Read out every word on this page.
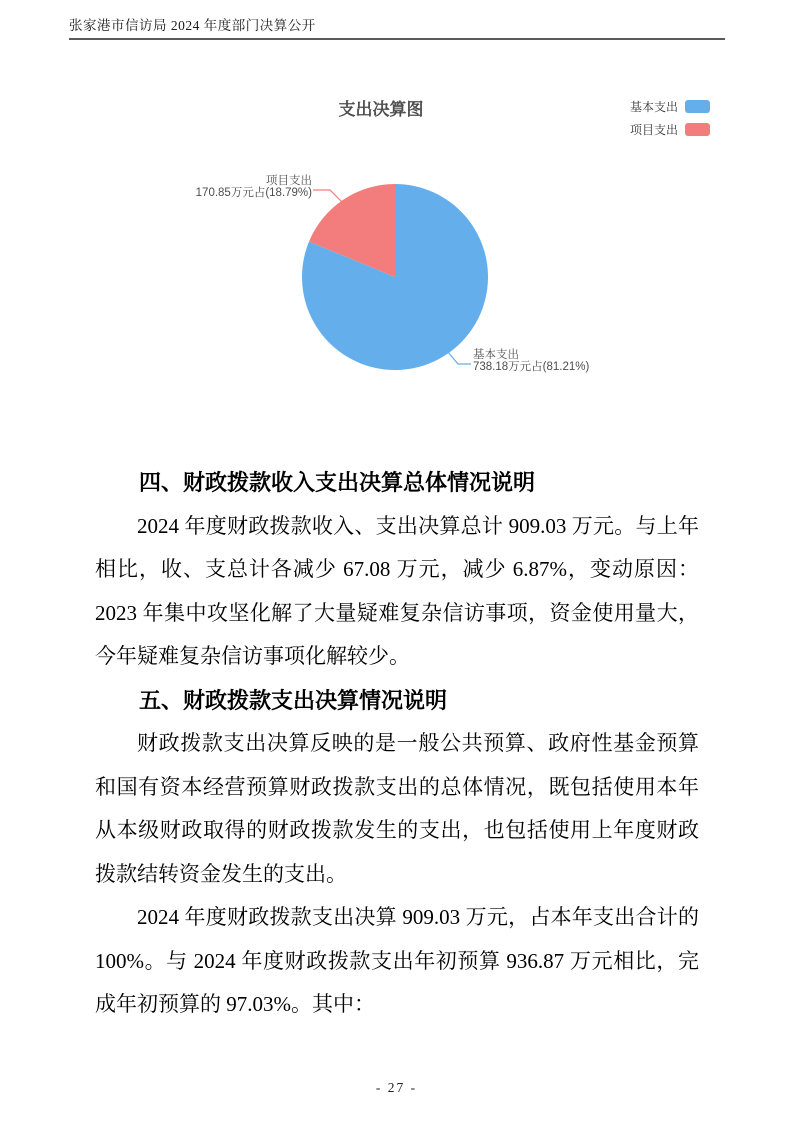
张家港市信访局 2024 年度部门决算公开
支出决算图	基本支出
项目支出
项目支出
170.85万元占(18.79%)
基本支出
738.18万元占(81.21%)
四、财政拨款收入支出决算总体情况说明

2024 年度财政拨款收入、支出决算总计 909.03 万元。与上年相比，收、支总计各减少 67.08 万元，减少 6.87%，变动原因：2023 年集中攻坚化解了大量疑难复杂信访事项，资金使用量大，今年疑难复杂信访事项化解较少。

五、财政拨款支出决算情况说明

财政拨款支出决算反映的是一般公共预算、政府性基金预算和国有资本经营预算财政拨款支出的总体情况，既包括使用本年从本级财政取得的财政拨款发生的支出，也包括使用上年度财政拨款结转资金发生的支出。

2024 年度财政拨款支出决算 909.03 万元，占本年支出合计的 100%。与 2024 年度财政拨款支出年初预算 936.87 万元相比，完成年初预算的 97.03%。其中：

- 27 -
